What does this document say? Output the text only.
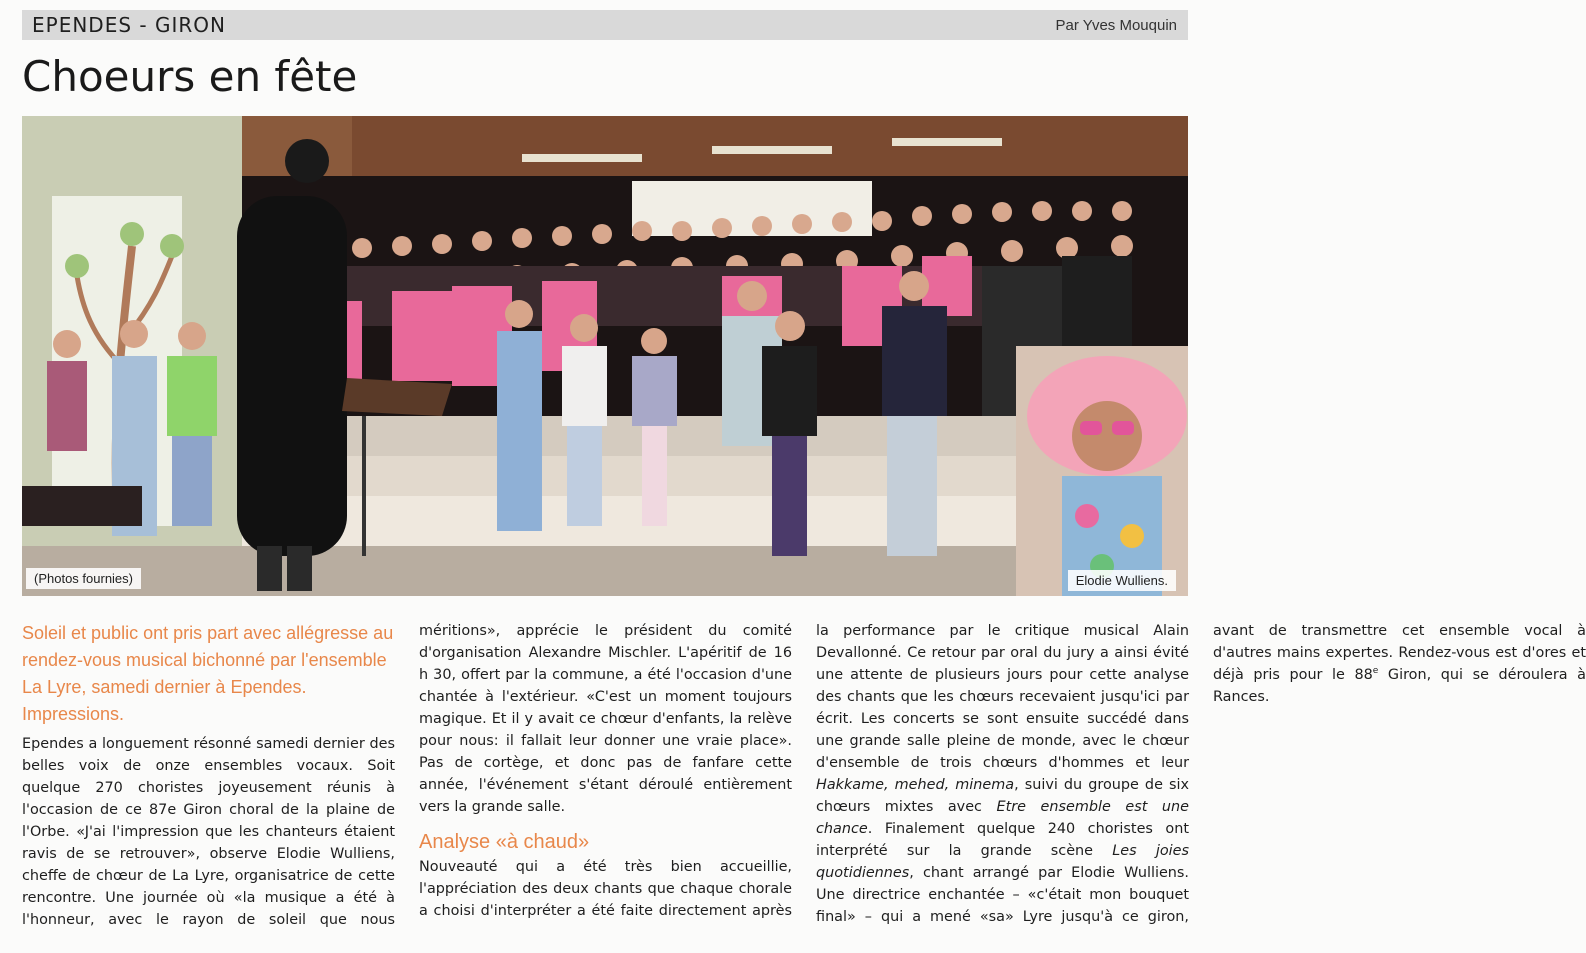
EPENDES - GIRON	Par Yves Mouquin
Choeurs en fête
(Photos fournies)	Elodie Wulliens.

Soleil et public ont pris part avec allégresse au rendez-vous musical bichonné par l'ensemble La Lyre, samedi dernier à Ependes. Impressions.

Ependes a longuement résonné samedi dernier des belles voix de onze ensembles vocaux. Soit quelque 270 choristes joyeusement réunis à l'occasion de ce 87e Giron choral de la plaine de l'Orbe. «J'ai l'impression que les chanteurs étaient ravis de se retrouver», observe Elodie Wulliens, cheffe de chœur de La Lyre, organisatrice de cette rencontre. Une journée où «la musique a été à l'honneur, avec le rayon de soleil que nous méritions», apprécie le président du comité d'organisation Alexandre Mischler. L'apéritif de 16 h 30, offert par la commune, a été l'occasion d'une chantée à l'extérieur. «C'est un moment toujours magique. Et il y avait ce chœur d'enfants, la relève pour nous: il fallait leur donner une vraie place». Pas de cortège, et donc pas de fanfare cette année, l'événement s'étant déroulé entièrement vers la grande salle.

Analyse «à chaud»

Nouveauté qui a été très bien accueillie, l'appréciation des deux chants que chaque chorale a choisi d'interpréter a été faite directement après la performance par le critique musical Alain Devallonné. Ce retour par oral du jury a ainsi évité une attente de plusieurs jours pour cette analyse des chants que les chœurs recevaient jusqu'ici par écrit. Les concerts se sont ensuite succédé dans une grande salle pleine de monde, avec le chœur d'ensemble de trois chœurs d'hommes et leur Hakkame, mehed, minema, suivi du groupe de six chœurs mixtes avec Etre ensemble est une chance. Finalement quelque 240 choristes ont interprété sur la grande scène Les joies quotidiennes, chant arrangé par Elodie Wulliens. Une directrice enchantée – «c'était mon bouquet final» – qui a mené «sa» Lyre jusqu'à ce giron, avant de transmettre cet ensemble vocal à d'autres mains expertes. Rendez-vous est d'ores et déjà pris pour le 88e Giron, qui se déroulera à Rances.
